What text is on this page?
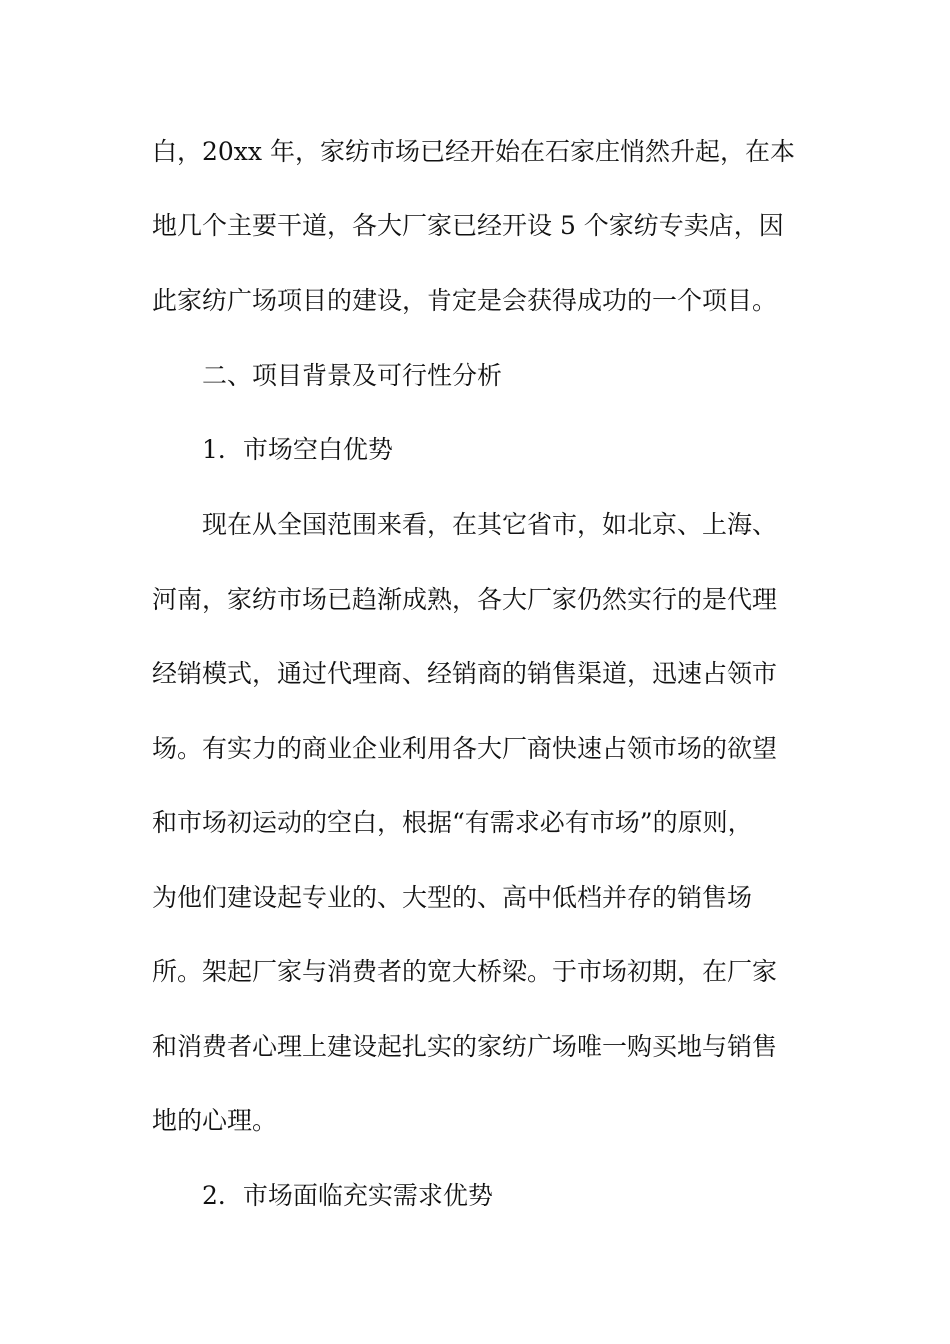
白，20xx 年，家纺市场已经开始在石家庄悄然升起，在本
地几个主要干道，各大厂家已经开设 5 个家纺专卖店，因
此家纺广场项目的建设，肯定是会获得成功的一个项目。
二、项目背景及可行性分析
1．市场空白优势
现在从全国范围来看，在其它省市，如北京、上海、
河南，家纺市场已趋渐成熟，各大厂家仍然实行的是代理
经销模式，通过代理商、经销商的销售渠道，迅速占领市
场。有实力的商业企业利用各大厂商快速占领市场的欲望
和市场初运动的空白，根据“有需求必有市场”的原则，
为他们建设起专业的、大型的、高中低档并存的销售场
所。架起厂家与消费者的宽大桥梁。于市场初期，在厂家
和消费者心理上建设起扎实的家纺广场唯一购买地与销售
地的心理。
2．市场面临充实需求优势
